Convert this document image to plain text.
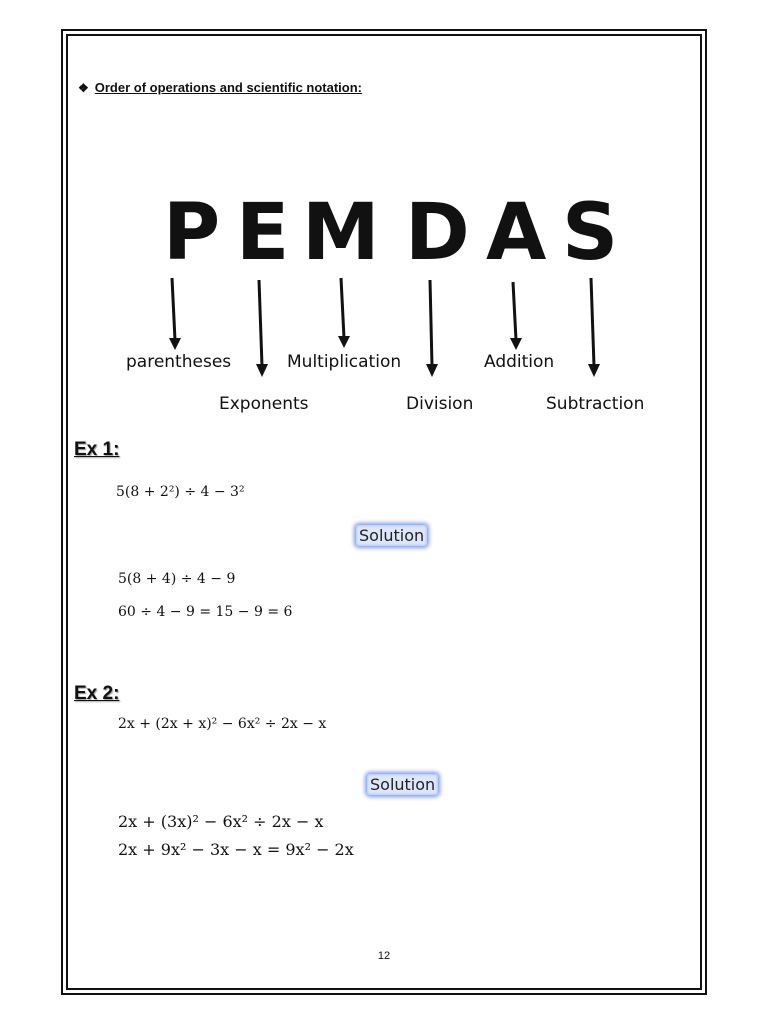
❖ Order of operations and scientific notation:
P E M D A S
parentheses	Multiplication	Addition
Exponents	Division	Subtraction
Ex 1:
5(8 + 2²) ÷ 4 − 3²
Solution
5(8 + 4) ÷ 4 − 9
60 ÷ 4 − 9 = 15 − 9 = 6
Ex 2:
2x + (2x + x)² − 6x² ÷ 2x − x
Solution
2x + (3x)² − 6x² ÷ 2x − x
2x + 9x² − 3x − x = 9x² − 2x
12
